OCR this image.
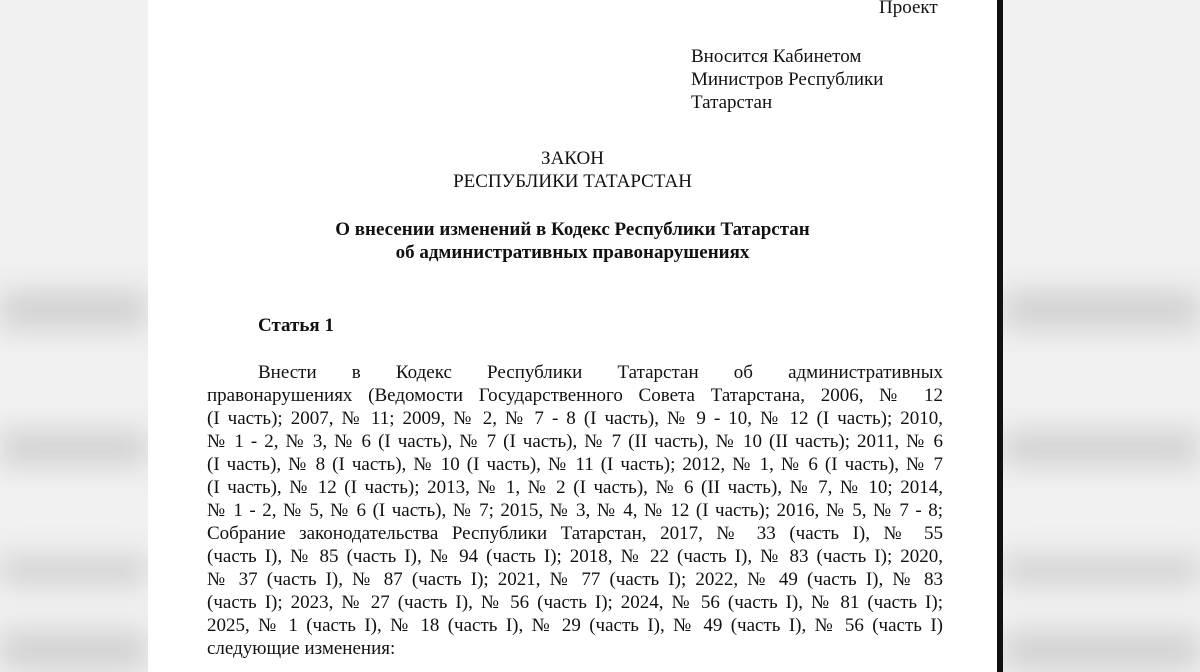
Проект
Вносится Кабинетом
Министров Республики
Татарстан
ЗАКОН
РЕСПУБЛИКИ ТАТАРСТАН
О внесении изменений в Кодекс Республики Татарстан
об административных правонарушениях
Статья 1
Внести в Кодекс Республики Татарстан об административных
правонарушениях (Ведомости Государственного Совета Татарстана, 2006, № 12
(I часть); 2007, № 11; 2009, № 2, № 7 - 8 (I часть), № 9 - 10, № 12 (I часть); 2010,
№ 1 - 2, № 3, № 6 (I часть), № 7 (I часть), № 7 (II часть), № 10 (II часть); 2011, № 6
(I часть), № 8 (I часть), № 10 (I часть), № 11 (I часть); 2012, № 1, № 6 (I часть), № 7
(I часть), № 12 (I часть); 2013, № 1, № 2 (I часть), № 6 (II часть), № 7, № 10; 2014,
№ 1 - 2, № 5, № 6 (I часть), № 7; 2015, № 3, № 4, № 12 (I часть); 2016, № 5, № 7 - 8;
Собрание законодательства Республики Татарстан, 2017, № 33 (часть I), № 55
(часть I), № 85 (часть I), № 94 (часть I); 2018, № 22 (часть I), № 83 (часть I); 2020,
№ 37 (часть I), № 87 (часть I); 2021, № 77 (часть I); 2022, № 49 (часть I), № 83
(часть I); 2023, № 27 (часть I), № 56 (часть I); 2024, № 56 (часть I), № 81 (часть I);
2025, № 1 (часть I), № 18 (часть I), № 29 (часть I), № 49 (часть I), № 56 (часть I)
следующие изменения:
